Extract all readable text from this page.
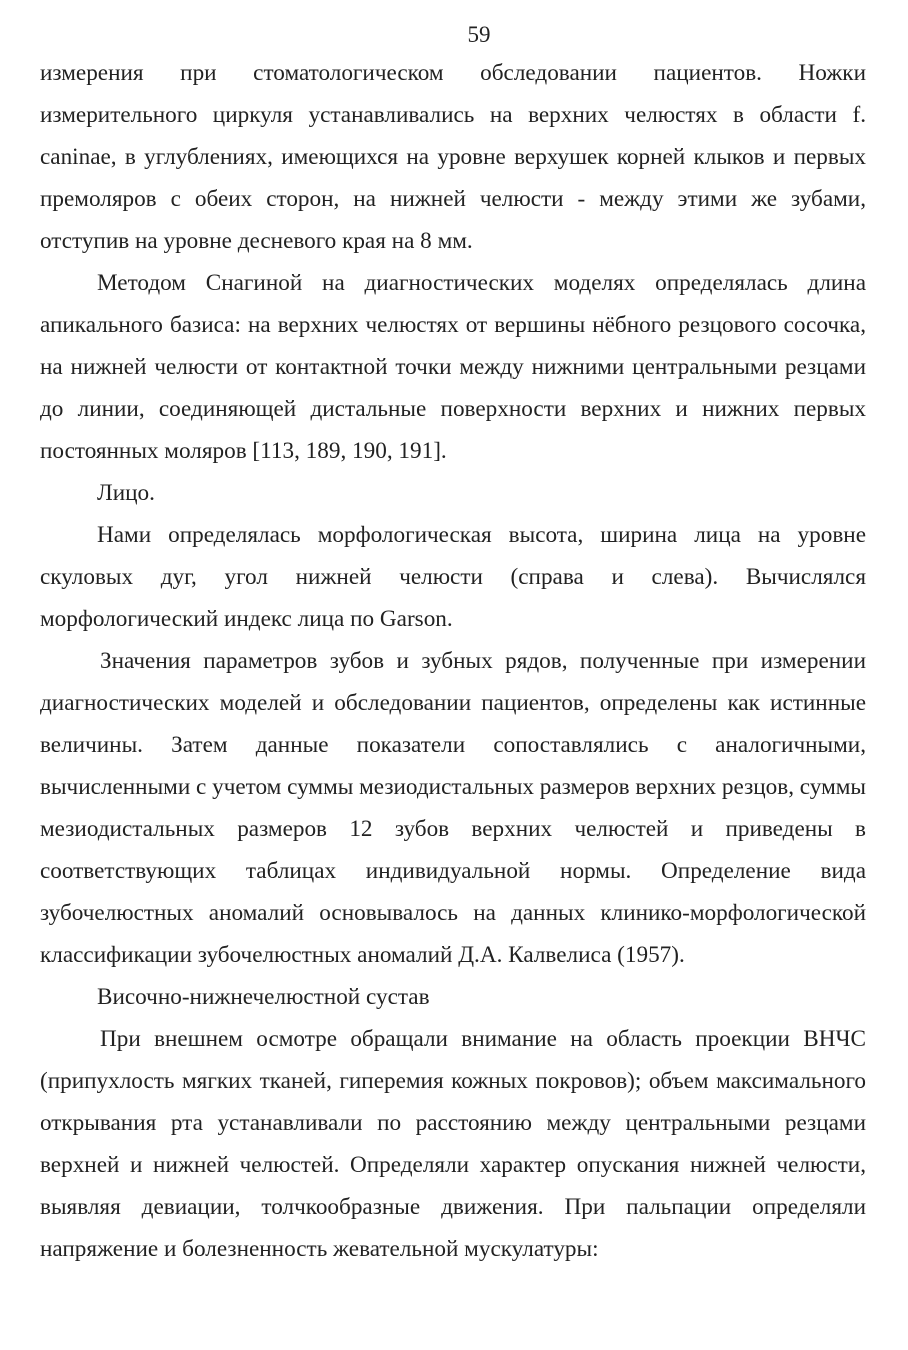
59

измерения при стоматологическом обследовании пациентов. Ножки измерительного циркуля устанавливались на верхних челюстях в области f. caninae, в углублениях, имеющихся на уровне верхушек корней клыков и первых премоляров с обеих сторон, на нижней челюсти - между этими же зубами, отступив на уровне десневого края на 8 мм.

Методом Снагиной на диагностических моделях определялась длина апикального базиса: на верхних челюстях от вершины нёбного резцового сосочка, на нижней челюсти от контактной точки между нижними центральными резцами до линии, соединяющей дистальные поверхности верхних и нижних первых постоянных моляров [113, 189, 190, 191].

Лицо.

Нами определялась морфологическая высота, ширина лица на уровне скуловых дуг, угол нижней челюсти (справа и слева). Вычислялся морфологический индекс лица по Garson.

Значения параметров зубов и зубных рядов, полученные при измерении диагностических моделей и обследовании пациентов, определены как истинные величины. Затем данные показатели сопоставлялись с аналогичными, вычисленными с учетом суммы мезиодистальных размеров верхних резцов, суммы мезиодистальных размеров 12 зубов верхних челюстей и приведены в соответствующих таблицах индивидуальной нормы. Определение вида зубочелюстных аномалий основывалось на данных клинико-морфологической классификации зубочелюстных аномалий Д.А. Калвелиса (1957).

Височно-нижнечелюстной сустав

При внешнем осмотре обращали внимание на область проекции ВНЧС (припухлость мягких тканей, гиперемия кожных покровов); объем максимального открывания рта устанавливали по расстоянию между центральными резцами верхней и нижней челюстей. Определяли характер опускания нижней челюсти, выявляя девиации, толчкообразные движения. При пальпации определяли напряжение и болезненность жевательной мускулатуры:
